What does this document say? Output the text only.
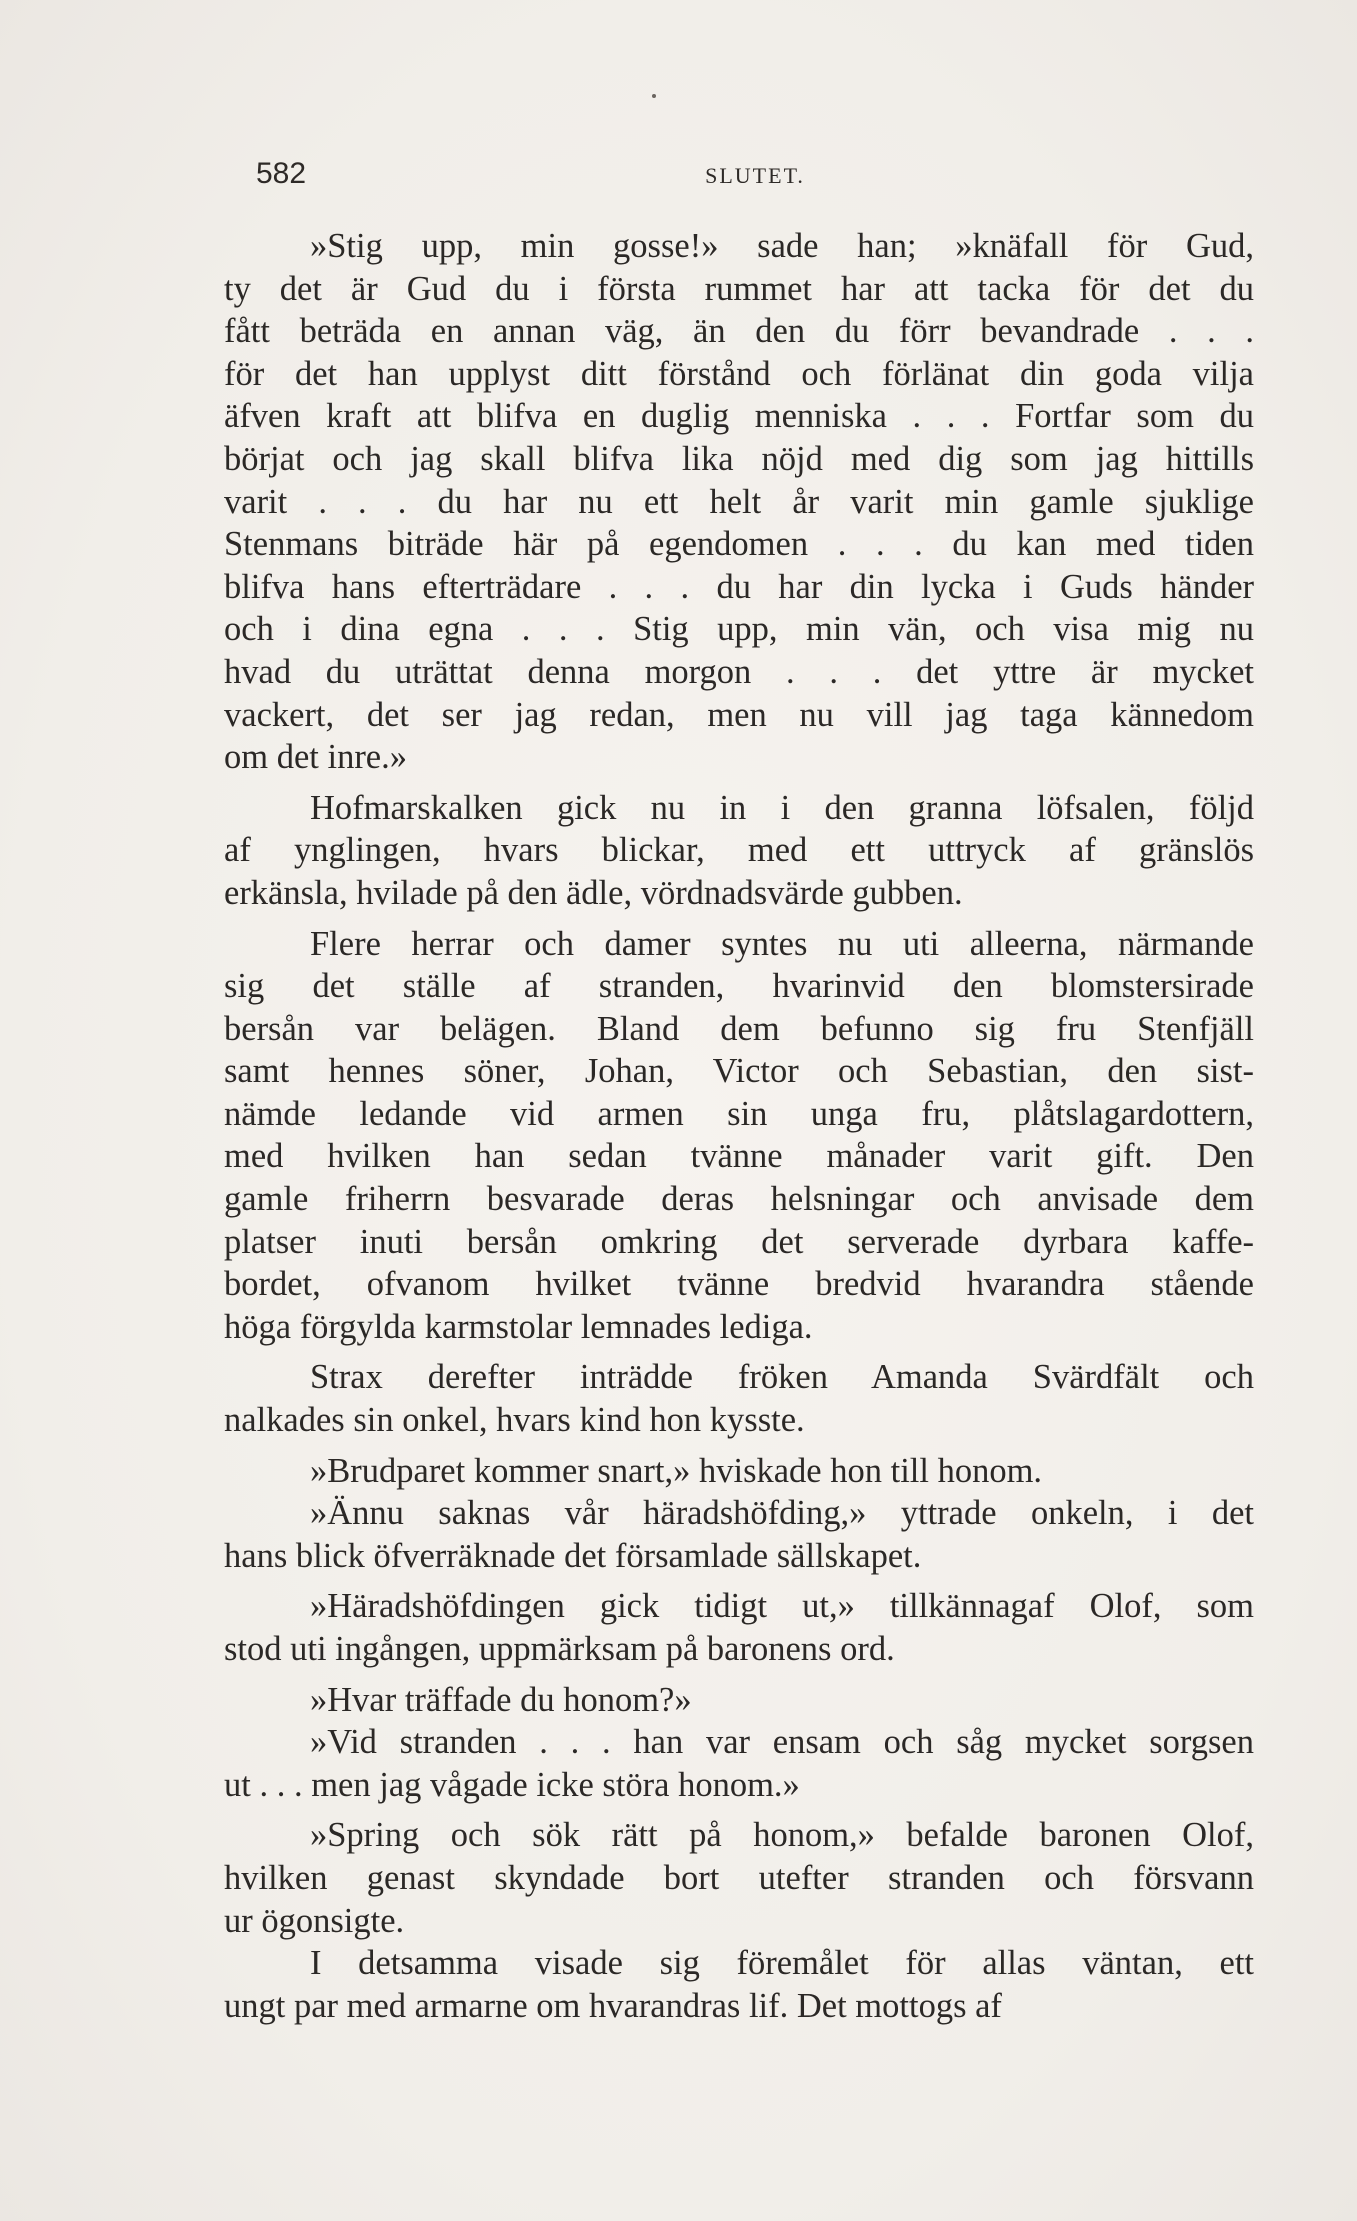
582	SLUTET.
»Stig upp, min gosse!» sade han; »knäfall för Gud,
ty det är Gud du i första rummet har att tacka för det du
fått beträda en annan väg, än den du förr bevandrade . . .
för det han upplyst ditt förstånd och förlänat din goda vilja
äfven kraft att blifva en duglig menniska . . . Fortfar som du
börjat och jag skall blifva lika nöjd med dig som jag hittills
varit . . . du har nu ett helt år varit min gamle sjuklige
Stenmans biträde här på egendomen . . . du kan med tiden
blifva hans efterträdare . . . du har din lycka i Guds händer
och i dina egna . . . Stig upp, min vän, och visa mig nu
hvad du uträttat denna morgon . . . det yttre är mycket
vackert, det ser jag redan, men nu vill jag taga kännedom
om det inre.»
Hofmarskalken gick nu in i den granna löfsalen, följd
af ynglingen, hvars blickar, med ett uttryck af gränslös
erkänsla, hvilade på den ädle, vördnadsvärde gubben.
Flere herrar och damer syntes nu uti alleerna, närmande
sig det ställe af stranden, hvarinvid den blomstersirade
bersån var belägen. Bland dem befunno sig fru Stenfjäll
samt hennes söner, Johan, Victor och Sebastian, den sist-
nämde ledande vid armen sin unga fru, plåtslagardottern,
med hvilken han sedan tvänne månader varit gift. Den
gamle friherrn besvarade deras helsningar och anvisade dem
platser inuti bersån omkring det serverade dyrbara kaffe-
bordet, ofvanom hvilket tvänne bredvid hvarandra stående
höga förgylda karmstolar lemnades lediga.
Strax derefter inträdde fröken Amanda Svärdfält och
nalkades sin onkel, hvars kind hon kysste.
»Brudparet kommer snart,» hviskade hon till honom.
»Ännu saknas vår häradshöfding,» yttrade onkeln, i det
hans blick öfverräknade det församlade sällskapet.
»Häradshöfdingen gick tidigt ut,» tillkännagaf Olof, som
stod uti ingången, uppmärksam på baronens ord.
»Hvar träffade du honom?»
»Vid stranden . . . han var ensam och såg mycket sorgsen
ut . . . men jag vågade icke störa honom.»
»Spring och sök rätt på honom,» befalde baronen Olof,
hvilken genast skyndade bort utefter stranden och försvann
ur ögonsigte.
I detsamma visade sig föremålet för allas väntan, ett
ungt par med armarne om hvarandras lif. Det mottogs af
